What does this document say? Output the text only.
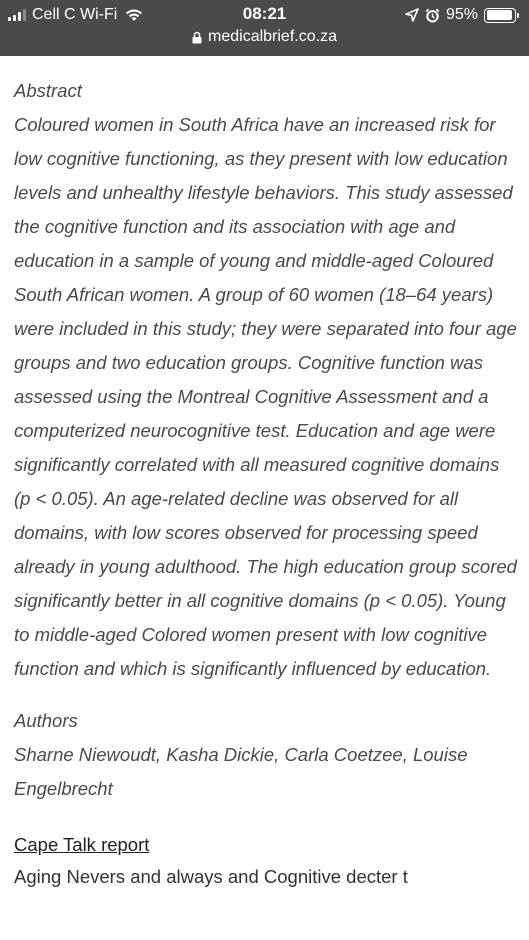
Cell C Wi-Fi	08:21	95%
medicalbrief.co.za
Abstract
Coloured women in South Africa have an increased risk for low cognitive functioning, as they present with low education levels and unhealthy lifestyle behaviors. This study assessed the cognitive function and its association with age and education in a sample of young and middle-aged Coloured South African women. A group of 60 women (18–64 years) were included in this study; they were separated into four age groups and two education groups. Cognitive function was assessed using the Montreal Cognitive Assessment and a computerized neurocognitive test. Education and age were significantly correlated with all measured cognitive domains (p < 0.05). An age-related decline was observed for all domains, with low scores observed for processing speed already in young adulthood. The high education group scored significantly better in all cognitive domains (p < 0.05). Young to middle-aged Colored women present with low cognitive function and which is significantly influenced by education.
Authors
Sharne Niewoudt, Kasha Dickie, Carla Coetzee, Louise Engelbrecht
Cape Talk report
Aging Nevers and always and Cognitive decter t
